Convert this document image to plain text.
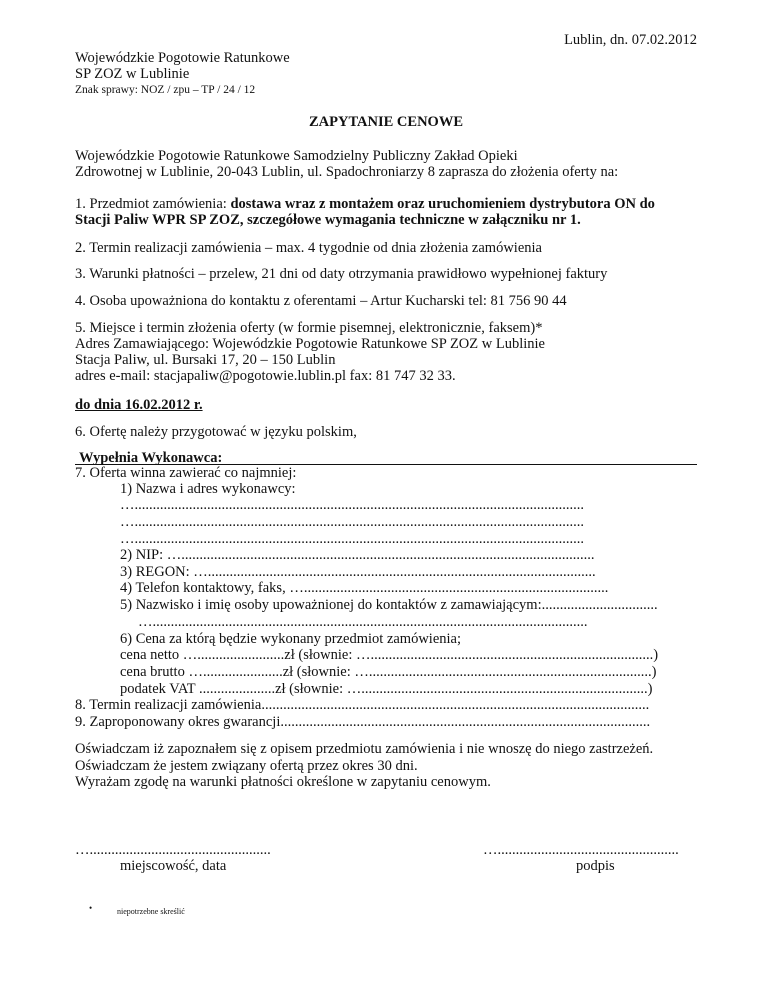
Lublin, dn. 07.02.2012
Wojewódzkie Pogotowie Ratunkowe
SP ZOZ w Lublinie
Znak sprawy: NOZ / zpu – TP / 24 / 12
ZAPYTANIE CENOWE
Wojewódzkie Pogotowie Ratunkowe Samodzielny Publiczny Zakład Opieki
Zdrowotnej w Lublinie, 20-043 Lublin, ul. Spadochroniarzy 8 zaprasza do złożenia oferty na:
1. Przedmiot zamówienia: dostawa wraz z montażem oraz uruchomieniem dystrybutora ON do
Stacji Paliw WPR SP ZOZ, szczegółowe wymagania techniczne w załączniku nr 1.
2. Termin realizacji zamówienia – max. 4 tygodnie od dnia złożenia zamówienia
3. Warunki płatności – przelew, 21 dni od daty otrzymania prawidłowo wypełnionej faktury
4. Osoba upoważniona do kontaktu z oferentami – Artur Kucharski tel: 81 756 90 44
5. Miejsce i termin złożenia oferty (w formie pisemnej, elektronicznie, faksem)*
Adres Zamawiającego: Wojewódzkie Pogotowie Ratunkowe SP ZOZ w Lublinie
Stacja Paliw, ul. Bursaki 17, 20 – 150 Lublin
adres e-mail: stacjapaliw@pogotowie.lublin.pl fax: 81 747 32 33.
do dnia 16.02.2012 r.
6. Ofertę należy przygotować w języku polskim,
Wypełnia Wykonawca:
7. Oferta winna zawierać co najmniej:
1) Nazwa i adres wykonawcy:
…............................................................................................................................
…............................................................................................................................
…............................................................................................................................
2) NIP: …..................................................................................................................
3) REGON: …...........................................................................................................
4) Telefon kontaktowy, faks, …....................................................................................
5) Nazwisko i imię osoby upoważnionej do kontaktów z zamawiającym:................................
…........................................................................................................................
6) Cena za którą będzie wykonany przedmiot zamówienia;
cena netto …........................zł (słownie: …..............................................................................)
cena brutto …......................zł (słownie: …..............................................................................)
podatek VAT .....................zł (słownie: …...............................................................................)
8. Termin realizacji zamówienia...........................................................................................................
9. Zaproponowany okres gwarancji......................................................................................................
Oświadczam iż zapoznałem się z opisem przedmiotu zamówienia i nie wnoszę do niego zastrzeżeń.
Oświadczam że jestem związany ofertą przez okres 30 dni.
Wyrażam zgodę na warunki płatności określone w zapytaniu cenowym.
…..................................................
miejscowość, data
…..................................................
podpis
•	niepotrzebne skreślić
